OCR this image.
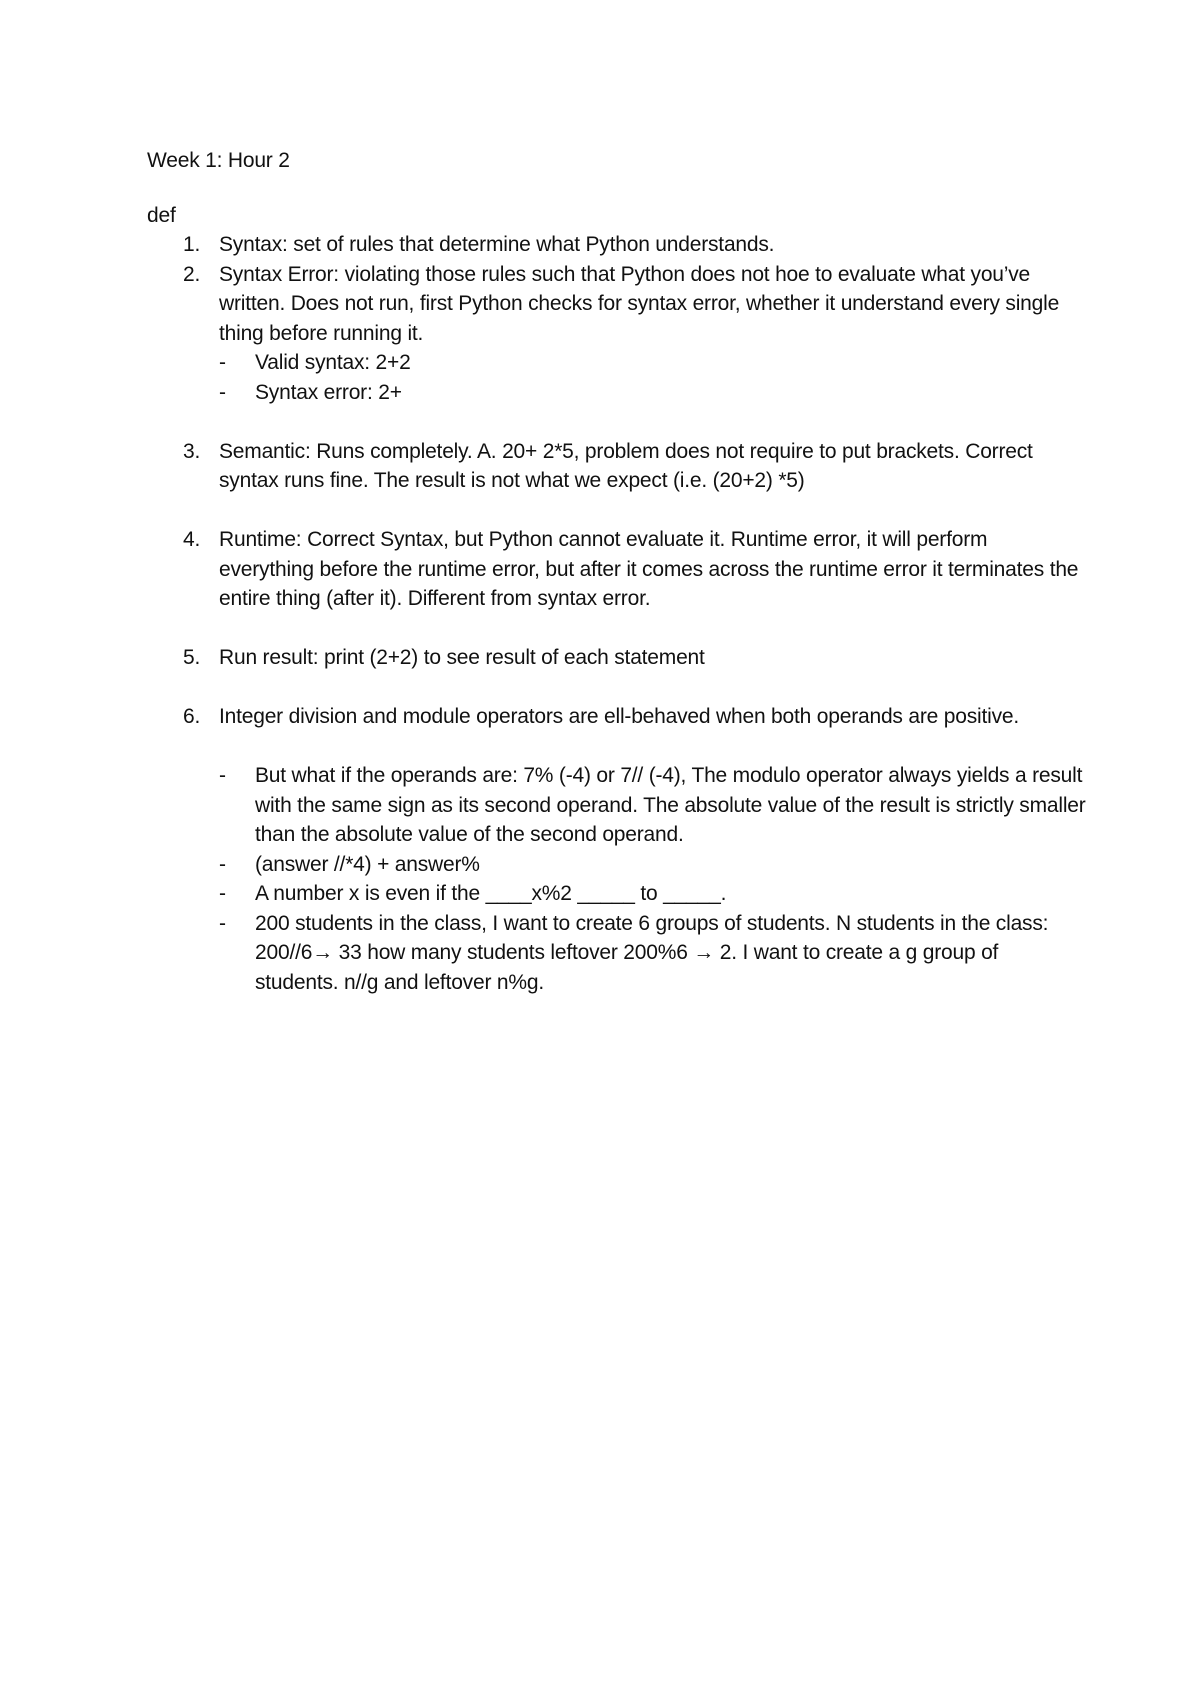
Week 1: Hour 2

def

1. Syntax: set of rules that determine what Python understands.
2. Syntax Error: violating those rules such that Python does not hoe to evaluate what you’ve written. Does not run, first Python checks for syntax error, whether it understand every single thing before running it.
-	Valid syntax: 2+2
-	Syntax error: 2+
3. Semantic: Runs completely. A. 20+ 2*5, problem does not require to put brackets. Correct syntax runs fine. The result is not what we expect (i.e. (20+2) *5)
4. Runtime: Correct Syntax, but Python cannot evaluate it. Runtime error, it will perform everything before the runtime error, but after it comes across the runtime error it terminates the entire thing (after it). Different from syntax error.
5. Run result: print (2+2) to see result of each statement
6. Integer division and module operators are ell-behaved when both operands are positive.
-	But what if the operands are: 7% (-4) or 7// (-4), The modulo operator always yields a result with the same sign as its second operand. The absolute value of the result is strictly smaller than the absolute value of the second operand.
-	(answer //*4) + answer%
-	A number x is even if the ____x%2 _____ to _____.
-	200 students in the class, I want to create 6 groups of students. N students in the class: 200//6→ 33 how many students leftover 200%6 → 2. I want to create a g group of students. n//g and leftover n%g.
